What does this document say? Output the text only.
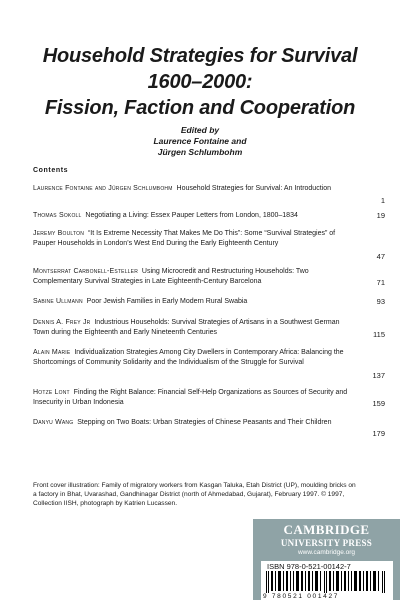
Household Strategies for Survival
1600–2000:
Fission, Faction and Cooperation
Edited by
Laurence Fontaine and
Jürgen Schlumbohm
Contents
Laurence Fontaine and Jürgen Schlumbohm Household Strategies for Survival: An Introduction
1
Thomas Sokoll Negotiating a Living: Essex Pauper Letters from London, 1800–1834	19
Jeremy Boulton “It Is Extreme Necessity That Makes Me Do This”: Some “Survival Strategies” of Pauper Households in London’s West End During the Early Eighteenth Century
47
Montserrat Carbonell-Esteller Using Microcredit and Restructuring Households: Two Complementary Survival Strategies in Late Eighteenth-Century Barcelona	71
Sabine Ullmann Poor Jewish Families in Early Modern Rural Swabia	93
Dennis A. Frey Jr Industrious Households: Survival Strategies of Artisans in a Southwest German Town during the Eighteenth and Early Nineteenth Centuries	115
Alain Marie Individualization Strategies Among City Dwellers in Contemporary Africa: Balancing the Shortcomings of Community Solidarity and the Individualism of the Struggle for Survival
137
Hotze Lont Finding the Right Balance: Financial Self-Help Organizations as Sources of Security and Insecurity in Urban Indonesia	159
Danyu Wang Stepping on Two Boats: Urban Strategies of Chinese Peasants and Their Children
179
Front cover illustration: Family of migratory workers from Kasgan Taluka, Etah District (UP), moulding bricks on a factory in Bhat, Uvarashad, Gandhinagar District (north of Ahmedabad, Gujarat), February 1997. © 1997, Collection IISH, photograph by Katrien Lucassen.
CAMBRIDGE
UNIVERSITY PRESS
www.cambridge.org
ISBN 978-0-521-00142-7
9 780521 001427
